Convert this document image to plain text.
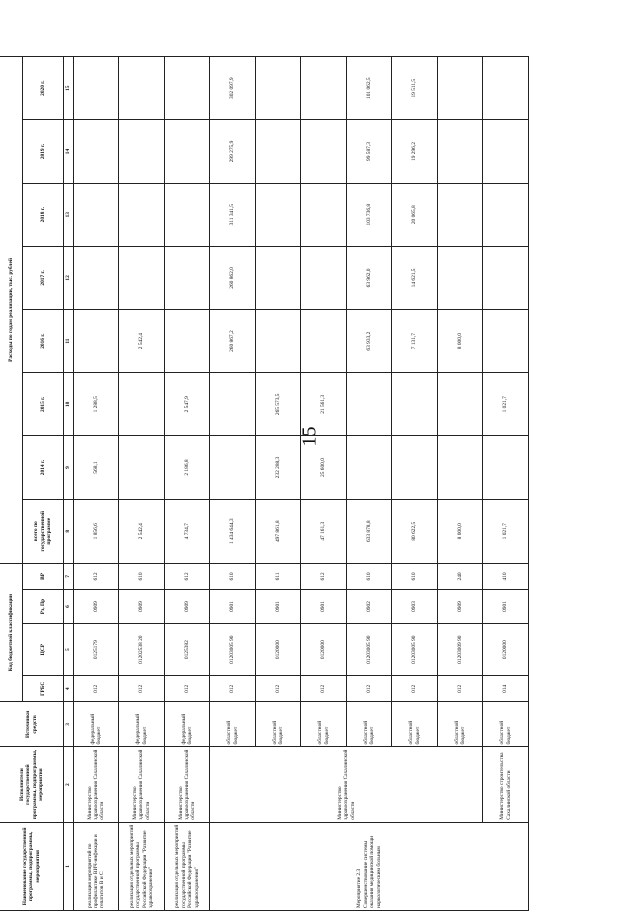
15
Наименование государственной программы, подпрограммы, мероприятия	Исполнители государственной программы, подпрограммы, мероприятия	Источники средств	Код бюджетной классификации				Расходы по годам реализации, тыс. рублей							
			ГРБС	ЦСР	Рз, Пр	ВР	всего по государственной программе	2014 г.	2015 г.	2016 г.	2017 г.	2018 г.	2019 г.	2020 г.
1	2	3	4	5	6	7	8	9	10	11	12	13	14	15
реализация мероприятий по профилактике ВИЧ-инфекции и гепатитов В и С	Министерство здравоохранения Сахалинской области	федеральный бюджет	012	0125179	0909	612	1 856,6	568,1	1 288,5					
реализация отдельных мероприятий государственной программы Российской Федерации "Развитие здравоохранения"	Министерство здравоохранения Сахалинской области	федеральный бюджет	012	01202538 20	0909	610	2 542,4			2 542,4				
реализация отдельных мероприятий государственной программы Российской Федерации "Развитие здравоохранения"	Министерство здравоохранения Сахалинской области	федеральный бюджет	012	0125382	0909	612	4 734,7	2 186,8	2 547,9					
Мероприятие 2.3 Совершенствование системы оказания медицинской помощи наркологическим больным	Министерство здравоохранения Сахалинской области	областной бюджет	012	01203005 90	0901	610	1 434 644,3			260 867,2	260 862,0	311 341,5	299 275,9	302 097,9
		областной бюджет	012	0120000	0901	611	497 861,8	232 288,3	265 573,5					
		областной бюджет	012	0120000	0901	612	47 161,3	25 600,0	21 561,3					
		областной бюджет	012	01203005 90	0902	610	633 878,8			63 933,2	63 962,0	103 736,8	99 587,3	101 062,5
		областной бюджет	012	01203005 90	0903	610	80 622,5			7 131,7	14 621,5	20 065,8	19 296,2	19 511,5
		областной бюджет	012	01203009 90	0909	240	8 000,0			8 000,0				
	Министерство строительства Сахалинской области	областной бюджет	014	0120000	0901	410	1 021,7		1 021,7					
